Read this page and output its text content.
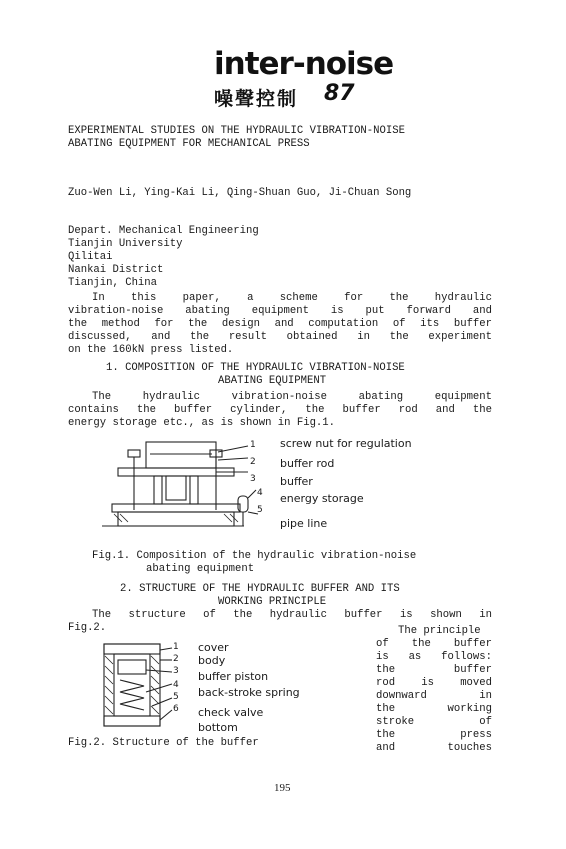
inter-noise
噪聲控制 87
EXPERIMENTAL STUDIES ON THE HYDRAULIC VIBRATION-NOISE
ABATING EQUIPMENT FOR MECHANICAL PRESS
Zuo-Wen Li, Ying-Kai Li, Qing-Shuan Guo, Ji-Chuan Song
Depart. Mechanical Engineering
Tianjin University
Qilitai
Nankai District
Tianjin, China
In this paper, a scheme for the hydraulic
vibration-noise abating equipment is put forward and
the method for the design and computation of its buffer
discussed, and the result obtained in the experiment
on the 160kN press listed.
1. COMPOSITION OF THE HYDRAULIC VIBRATION-NOISE
ABATING EQUIPMENT
The hydraulic vibration-noise abating equipment
contains the buffer cylinder, the buffer rod and the
energy storage etc., as is shown in Fig.1.
1
2
3
4
5
screw nut for regulation
buffer rod
buffer
energy storage
pipe line
Fig.1. Composition of the hydraulic vibration-noise
abating equipment
2. STRUCTURE OF THE HYDRAULIC BUFFER AND ITS
WORKING PRINCIPLE
The structure of the hydraulic buffer is shown in
Fig.2.
1
2
3
4
5
6
cover
body
buffer piston
back-stroke spring
check valve
bottom
Fig.2. Structure of the buffer
The principle
of the buffer
is as follows:
the buffer
rod is moved
downward in
the working
stroke of
the press
and touches
195
